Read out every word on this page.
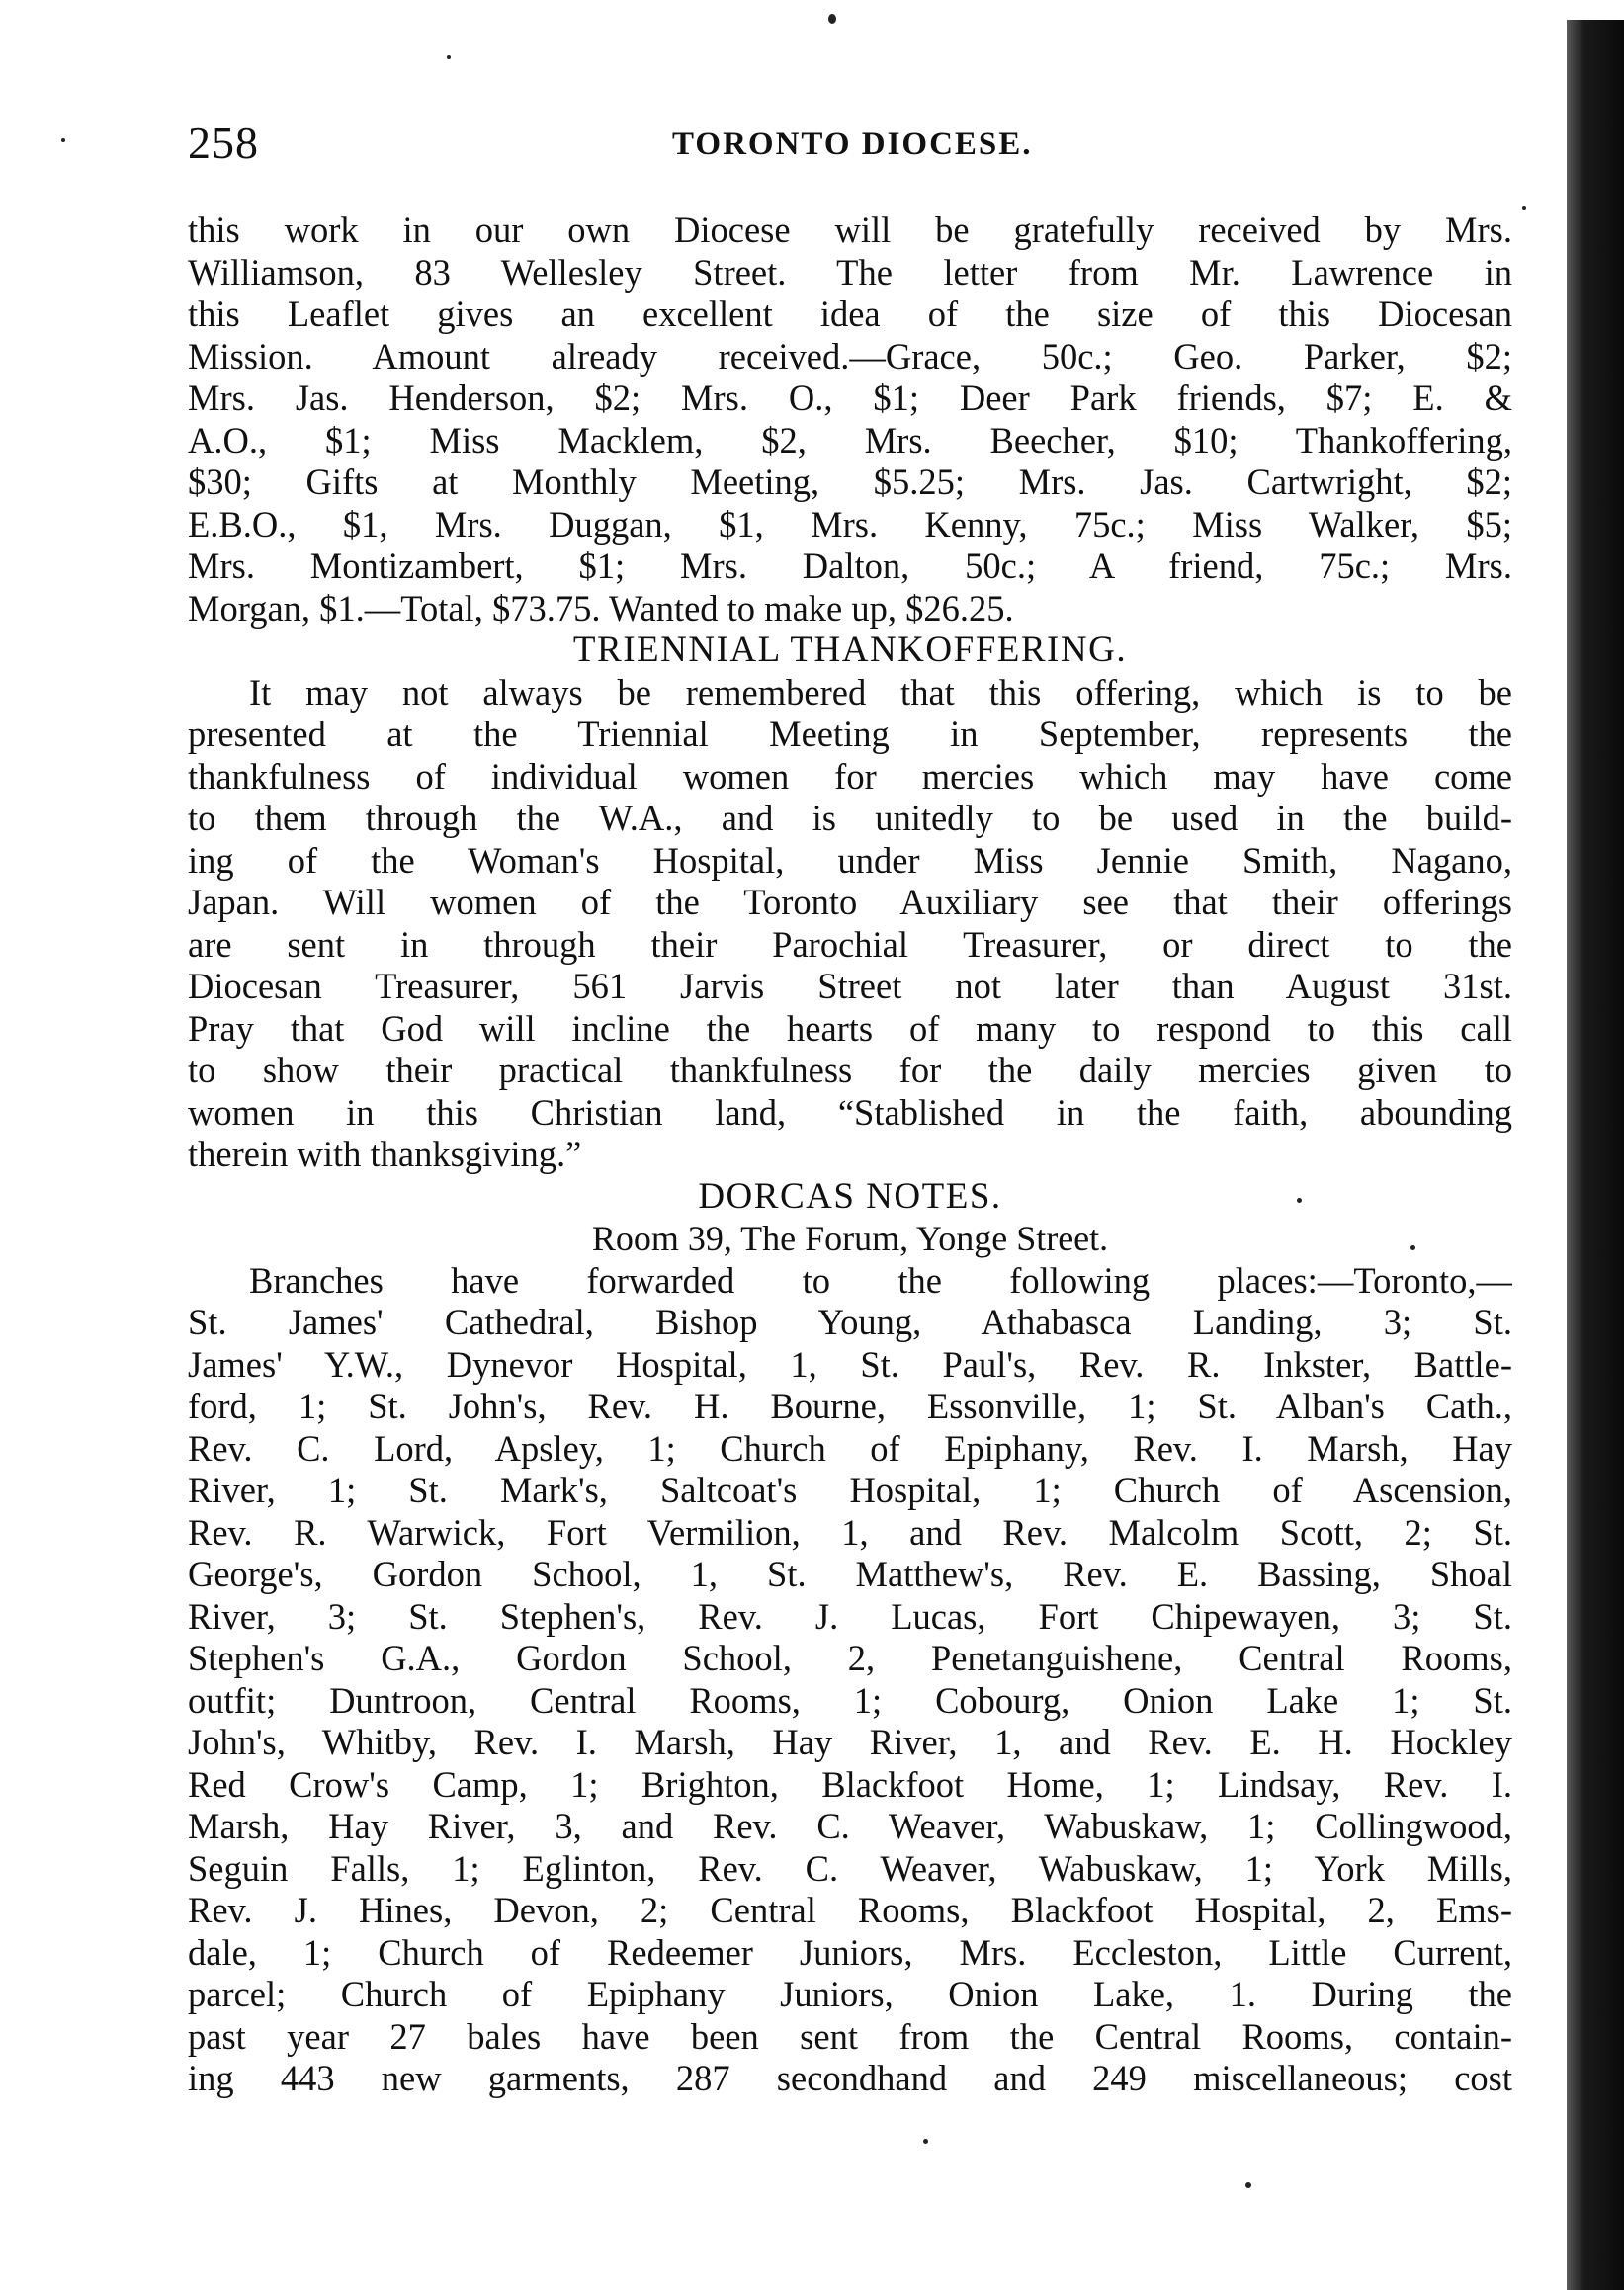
258	TORONTO DIOCESE.
this work in our own Diocese will be gratefully received by Mrs.
Williamson, 83 Wellesley Street. The letter from Mr. Lawrence in
this Leaflet gives an excellent idea of the size of this Diocesan
Mission. Amount already received.—Grace, 50c.; Geo. Parker, $2;
Mrs. Jas. Henderson, $2; Mrs. O., $1; Deer Park friends, $7; E. &
A.O., $1; Miss Macklem, $2, Mrs. Beecher, $10; Thankoffering,
$30; Gifts at Monthly Meeting, $5.25; Mrs. Jas. Cartwright, $2;
E.B.O., $1, Mrs. Duggan, $1, Mrs. Kenny, 75c.; Miss Walker, $5;
Mrs. Montizambert, $1; Mrs. Dalton, 50c.; A friend, 75c.; Mrs.
Morgan, $1.—Total, $73.75. Wanted to make up, $26.25.
TRIENNIAL THANKOFFERING.
It may not always be remembered that this offering, which is to be
presented at the Triennial Meeting in September, represents the
thankfulness of individual women for mercies which may have come
to them through the W.A., and is unitedly to be used in the build-
ing of the Woman's Hospital, under Miss Jennie Smith, Nagano,
Japan. Will women of the Toronto Auxiliary see that their offerings
are sent in through their Parochial Treasurer, or direct to the
Diocesan Treasurer, 561 Jarvis Street not later than August 31st.
Pray that God will incline the hearts of many to respond to this call
to show their practical thankfulness for the daily mercies given to
women in this Christian land, “Stablished in the faith, abounding
therein with thanksgiving.”
DORCAS NOTES.
Room 39, The Forum, Yonge Street.
Branches have forwarded to the following places:—Toronto,—
St. James' Cathedral, Bishop Young, Athabasca Landing, 3; St.
James' Y.W., Dynevor Hospital, 1, St. Paul's, Rev. R. Inkster, Battle-
ford, 1; St. John's, Rev. H. Bourne, Essonville, 1; St. Alban's Cath.,
Rev. C. Lord, Apsley, 1; Church of Epiphany, Rev. I. Marsh, Hay
River, 1; St. Mark's, Saltcoat's Hospital, 1; Church of Ascension,
Rev. R. Warwick, Fort Vermilion, 1, and Rev. Malcolm Scott, 2; St.
George's, Gordon School, 1, St. Matthew's, Rev. E. Bassing, Shoal
River, 3; St. Stephen's, Rev. J. Lucas, Fort Chipewayen, 3; St.
Stephen's G.A., Gordon School, 2, Penetanguishene, Central Rooms,
outfit; Duntroon, Central Rooms, 1; Cobourg, Onion Lake 1; St.
John's, Whitby, Rev. I. Marsh, Hay River, 1, and Rev. E. H. Hockley
Red Crow's Camp, 1; Brighton, Blackfoot Home, 1; Lindsay, Rev. I.
Marsh, Hay River, 3, and Rev. C. Weaver, Wabuskaw, 1; Collingwood,
Seguin Falls, 1; Eglinton, Rev. C. Weaver, Wabuskaw, 1; York Mills,
Rev. J. Hines, Devon, 2; Central Rooms, Blackfoot Hospital, 2, Ems-
dale, 1; Church of Redeemer Juniors, Mrs. Eccleston, Little Current,
parcel; Church of Epiphany Juniors, Onion Lake, 1. During the
past year 27 bales have been sent from the Central Rooms, contain-
ing 443 new garments, 287 secondhand and 249 miscellaneous; cost
